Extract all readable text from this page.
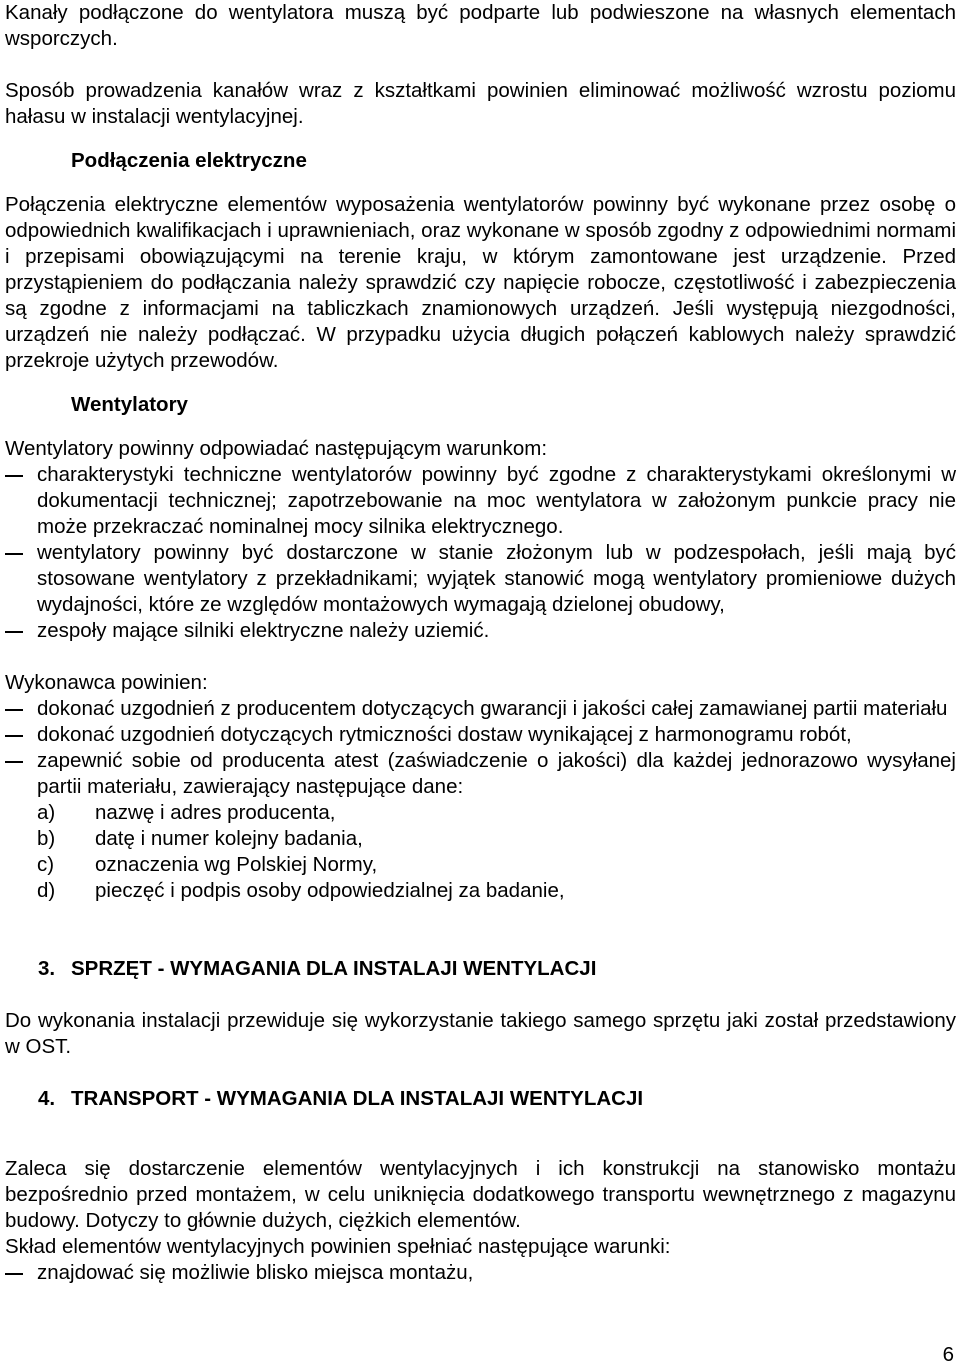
Kanały podłączone do wentylatora muszą być podparte lub podwieszone na własnych elementach wsporczych.

Sposób prowadzenia kanałów wraz z kształtkami powinien eliminować możliwość wzrostu poziomu hałasu w instalacji wentylacyjnej.

Podłączenia elektryczne

Połączenia elektryczne elementów wyposażenia wentylatorów powinny być wykonane przez osobę o odpowiednich kwalifikacjach i uprawnieniach, oraz wykonane w sposób zgodny z odpowiednimi normami i przepisami obowiązującymi na terenie kraju, w którym zamontowane jest urządzenie. Przed przystąpieniem do podłączania należy sprawdzić czy napięcie robocze, częstotliwość i zabezpieczenia są zgodne z informacjami na tabliczkach znamionowych urządzeń. Jeśli występują niezgodności, urządzeń nie należy podłączać. W przypadku użycia długich połączeń kablowych należy sprawdzić przekroje użytych przewodów.

Wentylatory

Wentylatory powinny odpowiadać następującym warunkom:

charakterystyki techniczne wentylatorów powinny być zgodne z charakterystykami określonymi w dokumentacji technicznej; zapotrzebowanie na moc wentylatora w założonym punkcie pracy nie może przekraczać nominalnej mocy silnika elektrycznego.
wentylatory powinny być dostarczone w stanie złożonym lub w podzespołach, jeśli mają być stosowane wentylatory z przekładnikami; wyjątek stanowić mogą wentylatory promieniowe dużych wydajności, które ze względów montażowych wymagają dzielonej obudowy,
zespoły mające silniki elektryczne należy uziemić.

Wykonawca powinien:

dokonać uzgodnień z producentem dotyczących gwarancji i jakości całej zamawianej partii materiału
dokonać uzgodnień dotyczących rytmiczności dostaw wynikającej z harmonogramu robót,
zapewnić sobie od producenta atest (zaświadczenie o jakości) dla każdej jednorazowo wysyłanej partii materiału, zawierający następujące dane:
a) nazwę i adres producenta,
b) datę i numer kolejny badania,
c) oznaczenia wg Polskiej Normy,
d) pieczęć i podpis osoby odpowiedzialnej za badanie,
3. SPRZĘT - WYMAGANIA DLA INSTALAJI WENTYLACJI

Do wykonania instalacji przewiduje się wykorzystanie takiego samego sprzętu jaki został przedstawiony w OST.

4. TRANSPORT - WYMAGANIA DLA INSTALAJI WENTYLACJI

Zaleca się dostarczenie elementów wentylacyjnych i ich konstrukcji na stanowisko montażu bezpośrednio przed montażem, w celu uniknięcia dodatkowego transportu wewnętrznego z magazynu budowy. Dotyczy to głównie dużych, ciężkich elementów.

Skład elementów wentylacyjnych powinien spełniać następujące warunki:

znajdować się możliwie blisko miejsca montażu,
6
